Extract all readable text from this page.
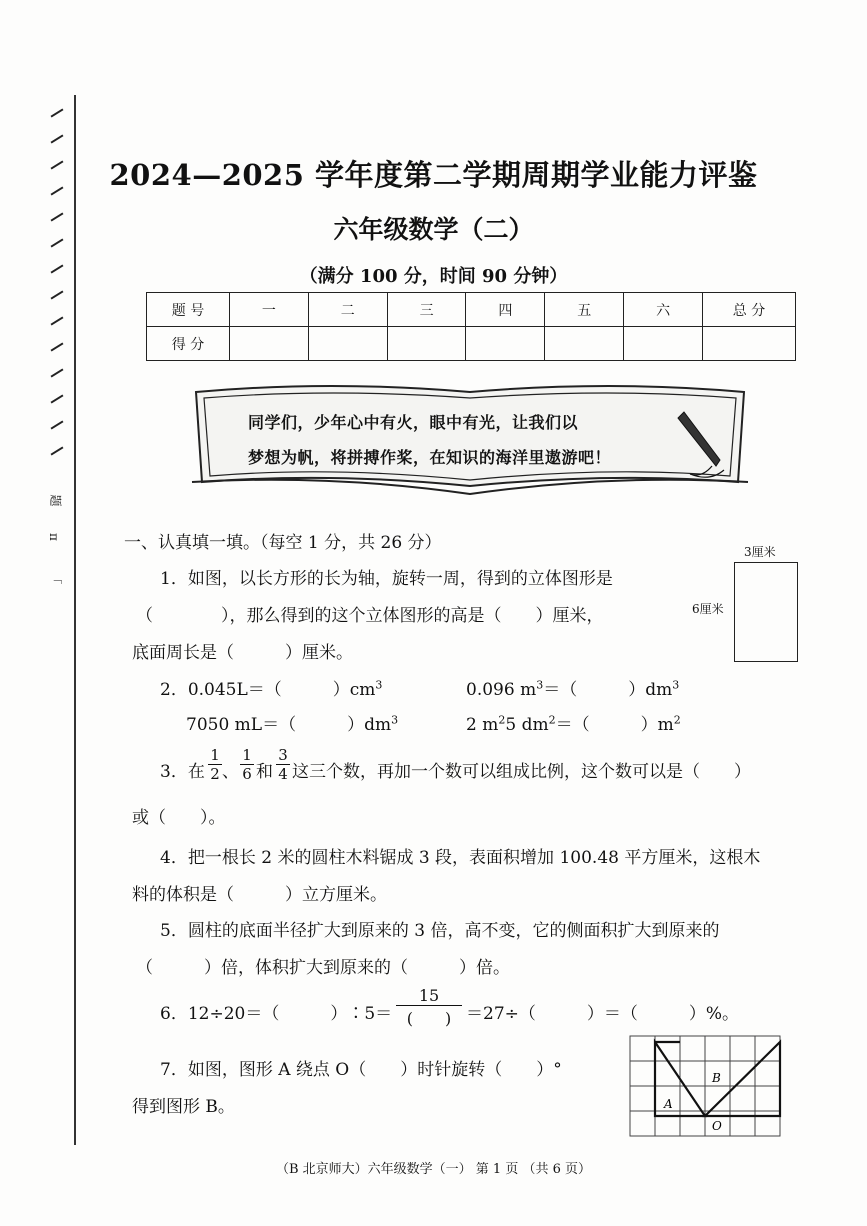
题
π
「
2024—2025 学年度第二学期周期学业能力评鉴
六年级数学（二）
（满分 100 分，时间 90 分钟）
题 号	一	二	三	四	五	六	总 分
得 分							
同学们，少年心中有火，眼中有光，让我们以
梦想为帆，将拼搏作桨，在知识的海洋里遨游吧！
一、认真填一填。（每空 1 分，共 26 分）	3厘米
6厘米
1．如图，以长方形的长为轴，旋转一周，得到的立体图形是
（　　　　），那么得到的这个立体图形的高是（　　）厘米，
底面周长是（　　　）厘米。
2．0.045L＝（　　　）$cm^3$	0.096 $m^3=$（　　　）$dm^3$
7050 mL＝（　　　）$dm^3$	2 $m^25$ $dm^2=$（　　　）$m^2$
3．在 $\frac{1}{2}$ 、 $\frac{1}{6}$ 和 $\frac{3}{4}$ 这三个数，再加一个数可以组成比例，这个数可以是（　　）
或（　　）。
4．把一根长 2 米的圆柱木料锯成 3 段，表面积增加 100.48 平方厘米，这根木
料的体积是（　　　）立方厘米。
5．圆柱的底面半径扩大到原来的 3 倍，高不变，它的侧面积扩大到原来的
（　　　）倍，体积扩大到原来的（　　　）倍。
6．12÷20＝（　　　）∶5＝
15
(　　) ＝27÷（　　　）＝（　　　）%。
7．如图，图形 A 绕点 O（　　）时针旋转（　　）°
得到图形 B。	A
B
O
（B 北京师大）六年级数学（一） 第 1 页 （共 6 页）
